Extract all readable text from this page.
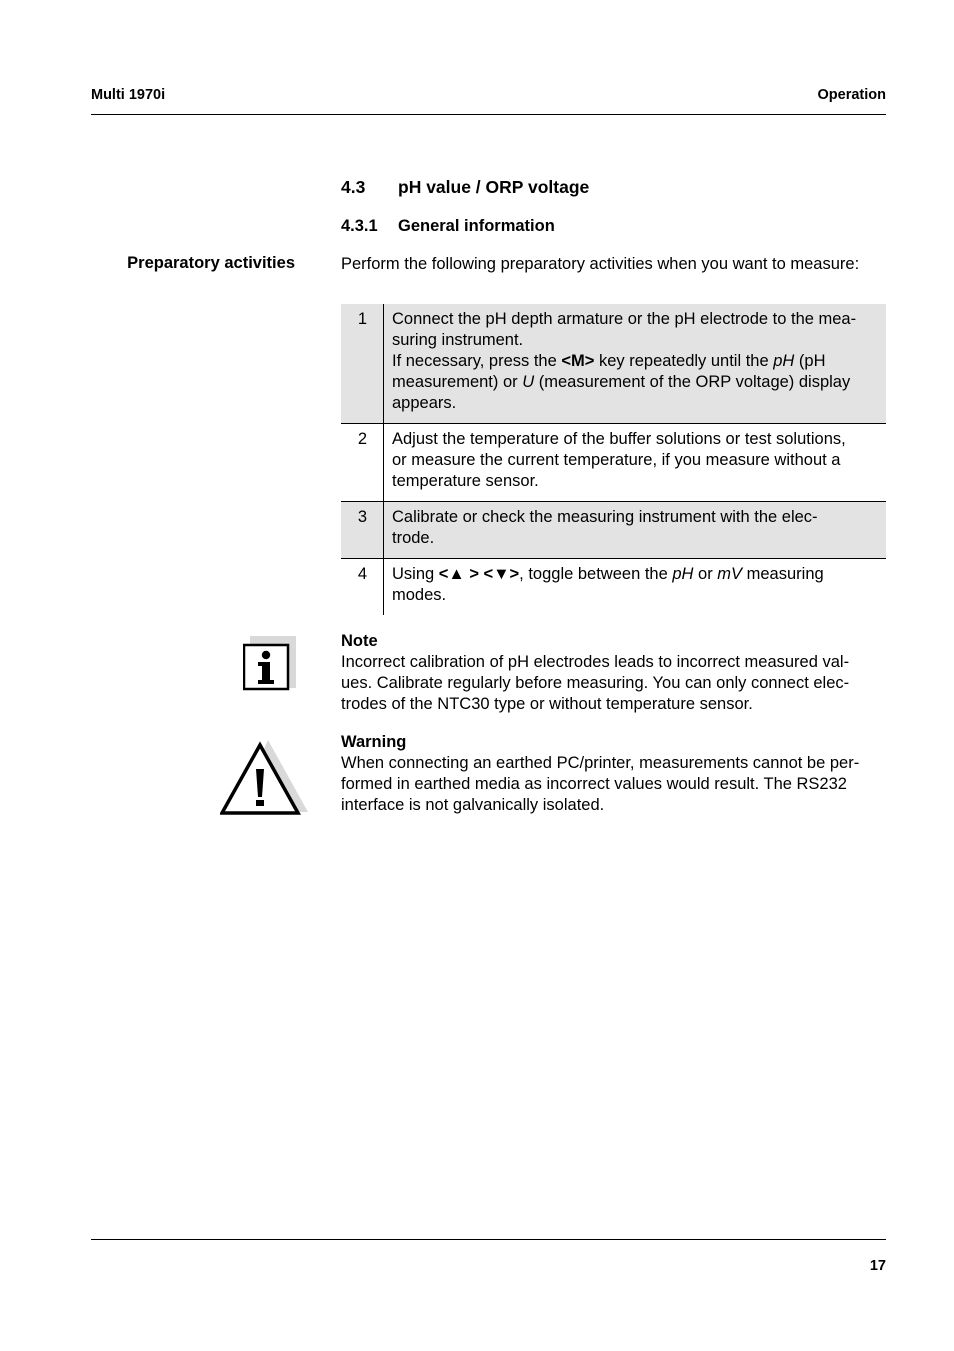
Multi 1970i	Operation
4.3 pH value / ORP voltage
4.3.1 General information
Preparatory activities	Perform the following preparatory activities when you want to measure:
1	Connect the pH depth armature or the pH electrode to the mea-
suring instrument.
If necessary, press the <M> key repeatedly until the pH (pH
measurement) or U (measurement of the ORP voltage) display
appears.
2	Adjust the temperature of the buffer solutions or test solutions,
or measure the current temperature, if you measure without a
temperature sensor.
3	Calibrate or check the measuring instrument with the elec-
trode.
4	Using <▲ > <▼>, toggle between the pH or mV measuring
modes.
Note
Incorrect calibration of pH electrodes leads to incorrect measured val-
ues. Calibrate regularly before measuring. You can only connect elec-
trodes of the NTC30 type or without temperature sensor.
Warning
When connecting an earthed PC/printer, measurements cannot be per-
formed in earthed media as incorrect values would result. The RS232
interface is not galvanically isolated.
17
